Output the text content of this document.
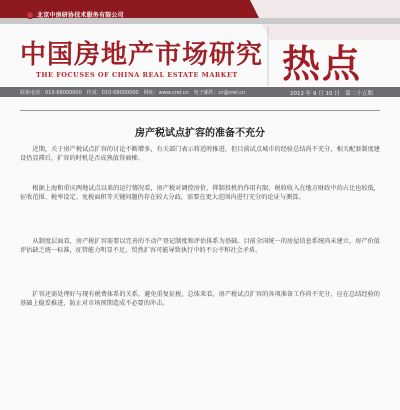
北京中房研协技术服务有限公司
中国房地产市场研究
THE FOCUSES OF CHINA REAL ESTATE MARKET 热点
联系电话：010-68000000　传真：010-68000000　网址：www.crei.cn　电子邮件：cr@crei.cn	2012 年 9 月 10 日　第二十五期
房产税试点扩容的准备不充分

　　近期，关于房产税试点扩容的讨论不断增多，有关部门表示将适时推进，但目前试点城市的经验总结尚不充分，相关配套制度建设仍显滞后，扩容的时机是否成熟值得商榷。

　　根据上海和重庆两地试点以来的运行情况看，房产税对调控房价、抑制投机的作用有限，税收收入在地方财政中的占比也较低，征收范围、税率设定、免税面积等关键问题仍存在较大分歧，需要在更大范围内进行充分的论证与测算。

　　从制度层面看，房产税扩容需要以完善的不动产登记制度和评估体系为基础。目前全国统一的房屋信息系统尚未建立，房产价值评估缺乏统一标准，征管能力明显不足，贸然扩容可能导致执行中的不公平和社会矛盾。

　　扩容还需处理好与现有税费体系的关系，避免重复征税。总体来看，房产税试点扩容的各项准备工作尚不充分，应在总结经验的基础上稳妥推进，防止对市场预期造成不必要的冲击。
